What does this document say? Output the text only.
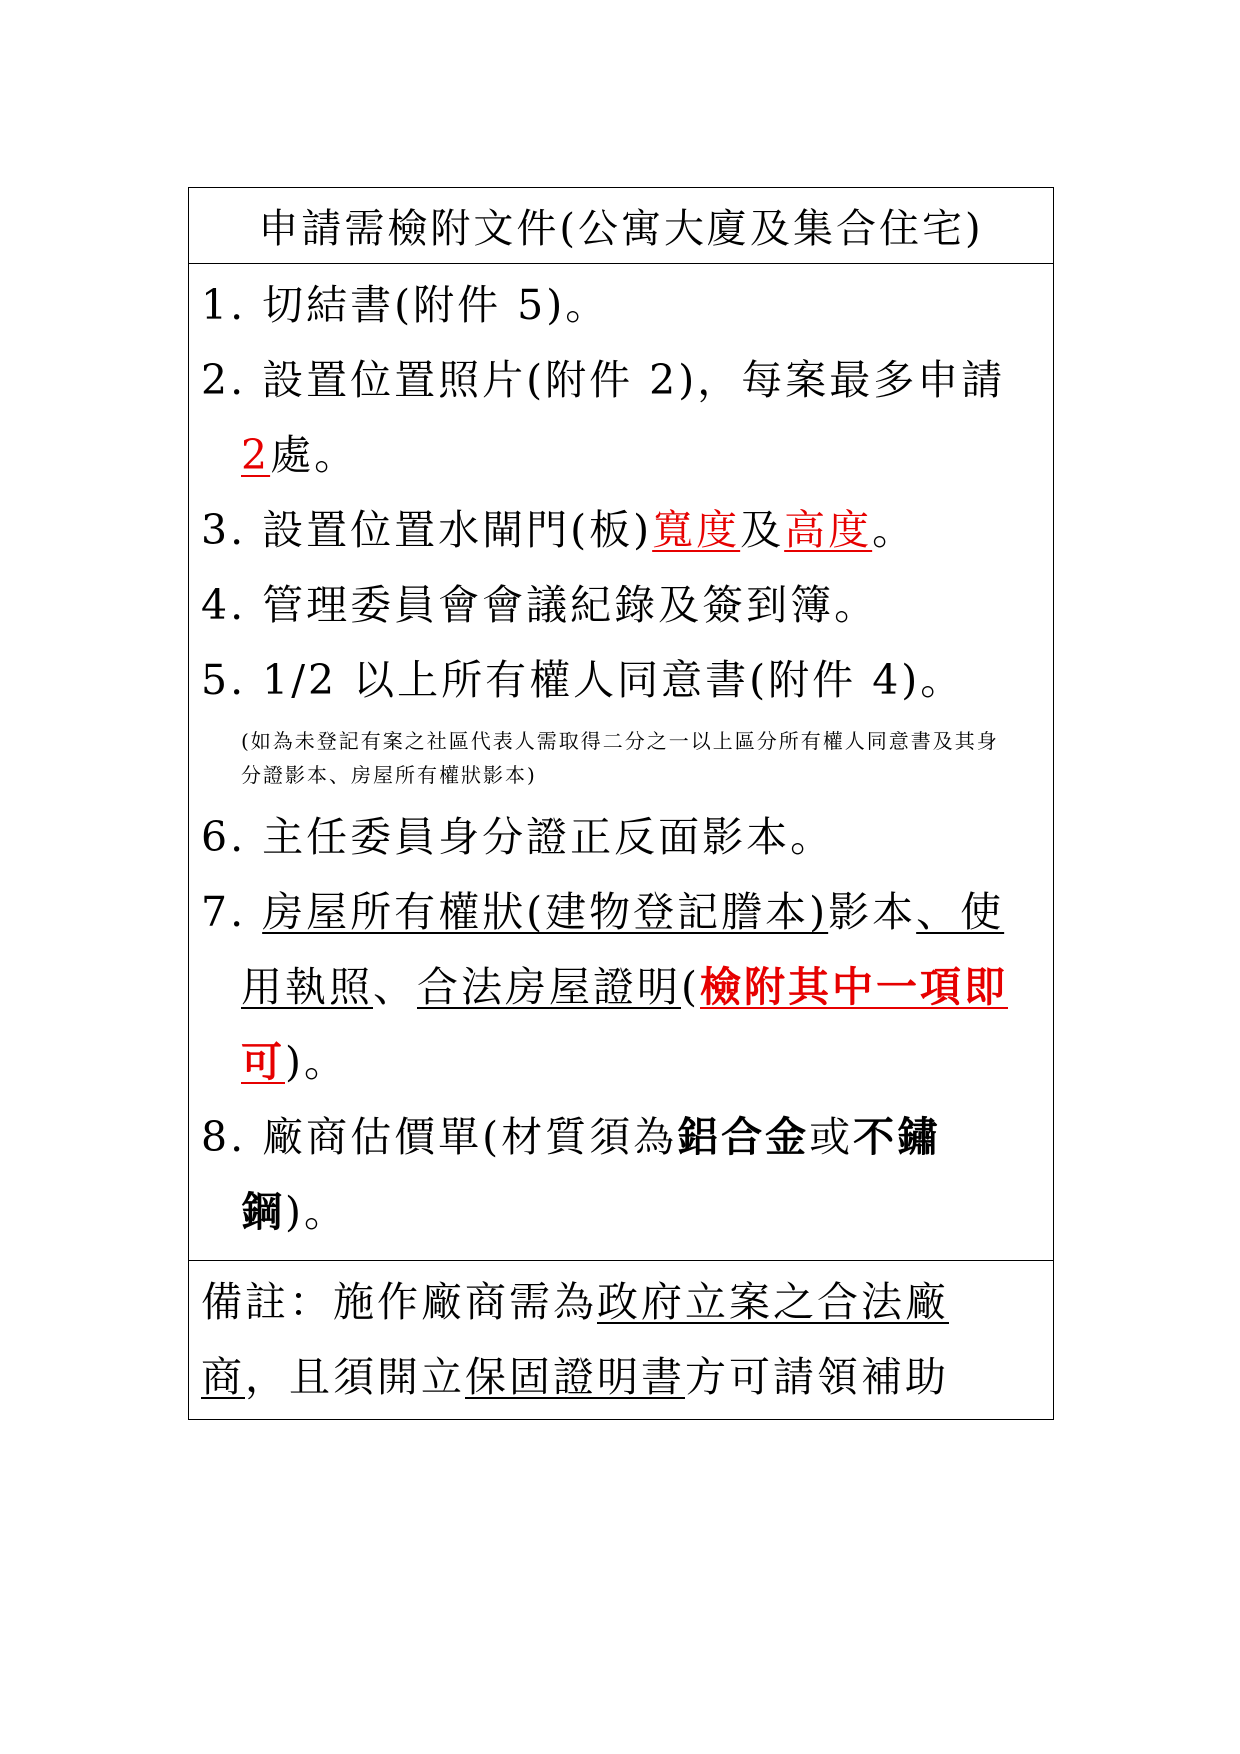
申請需檢附文件(公寓大廈及集合住宅)
1. 切結書(附件 5)。
2. 設置位置照片(附件 2)，每案最多申請
2處。
3. 設置位置水閘門(板)寬度及高度。
4. 管理委員會會議紀錄及簽到簿。
5. 1/2 以上所有權人同意書(附件 4)。
(如為未登記有案之社區代表人需取得二分之一以上區分所有權人同意書及其身
分證影本、房屋所有權狀影本)
6. 主任委員身分證正反面影本。
7. 房屋所有權狀(建物登記謄本)影本、使
用執照、合法房屋證明(檢附其中一項即
可)。
8. 廠商估價單(材質須為鋁合金或不鏽
鋼)。
備註：施作廠商需為政府立案之合法廠
商，且須開立保固證明書方可請領補助
